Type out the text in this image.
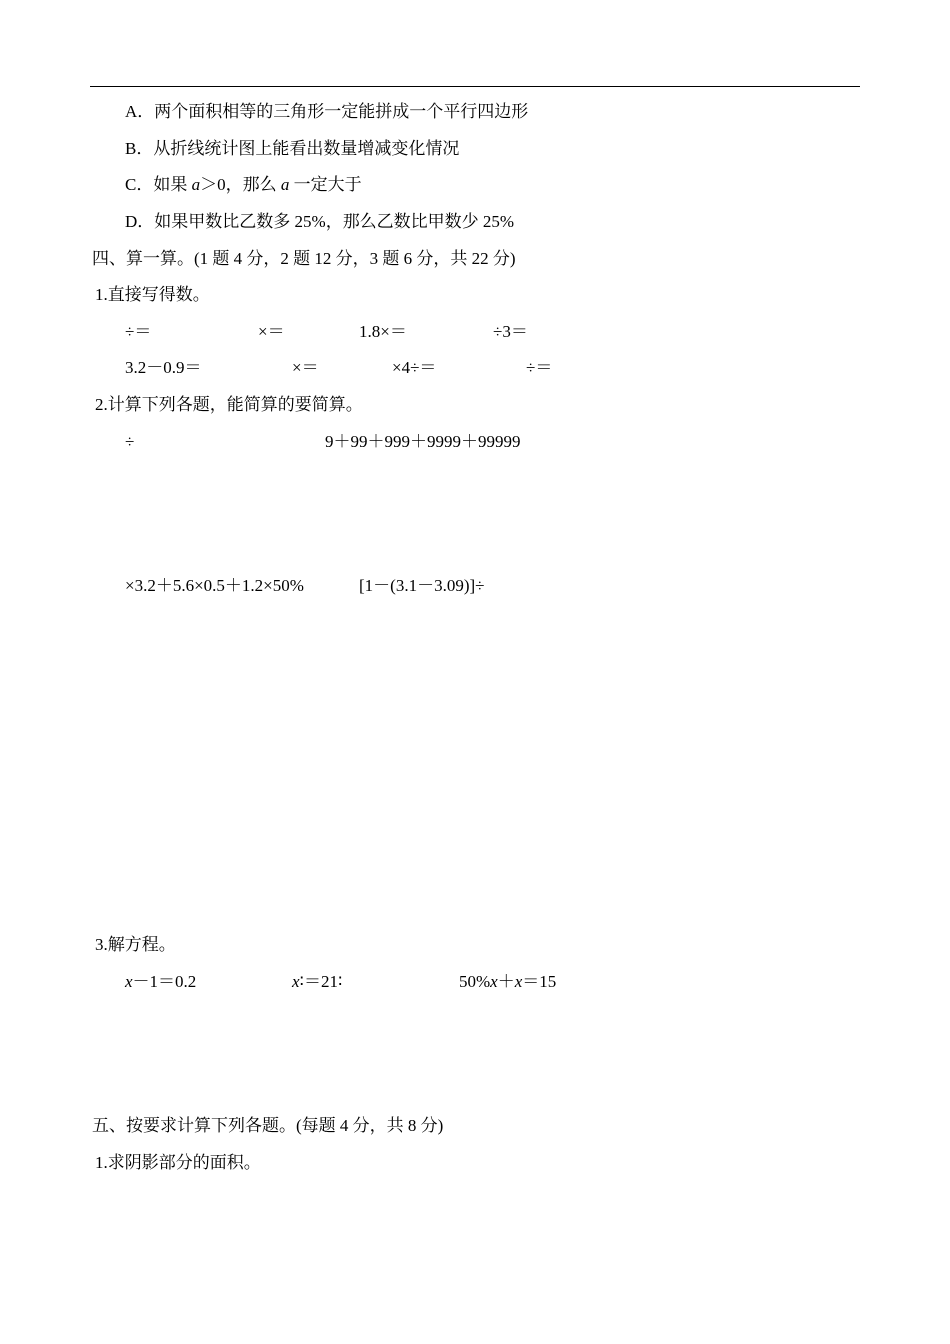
A．两个面积相等的三角形一定能拼成一个平行四边形
B．从折线统计图上能看出数量增减变化情况
C．如果 a＞0，那么 a 一定大于
D．如果甲数比乙数多 25%，那么乙数比甲数少 25%
四、算一算。(1 题 4 分，2 题 12 分，3 题 6 分，共 22 分)
1.直接写得数。
÷＝	×＝	1.8×＝	÷3＝
3.2－0.9＝	×＝	×4÷＝	÷＝
2.计算下列各题，能简算的要简算。
÷	9＋99＋999＋9999＋99999
×3.2＋5.6×0.5＋1.2×50%	[1－(3.1－3.09)]÷
3.解方程。
x－1＝0.2	x∶＝21∶	50%x＋x＝15
五、按要求计算下列各题。(每题 4 分，共 8 分)
1.求阴影部分的面积。
